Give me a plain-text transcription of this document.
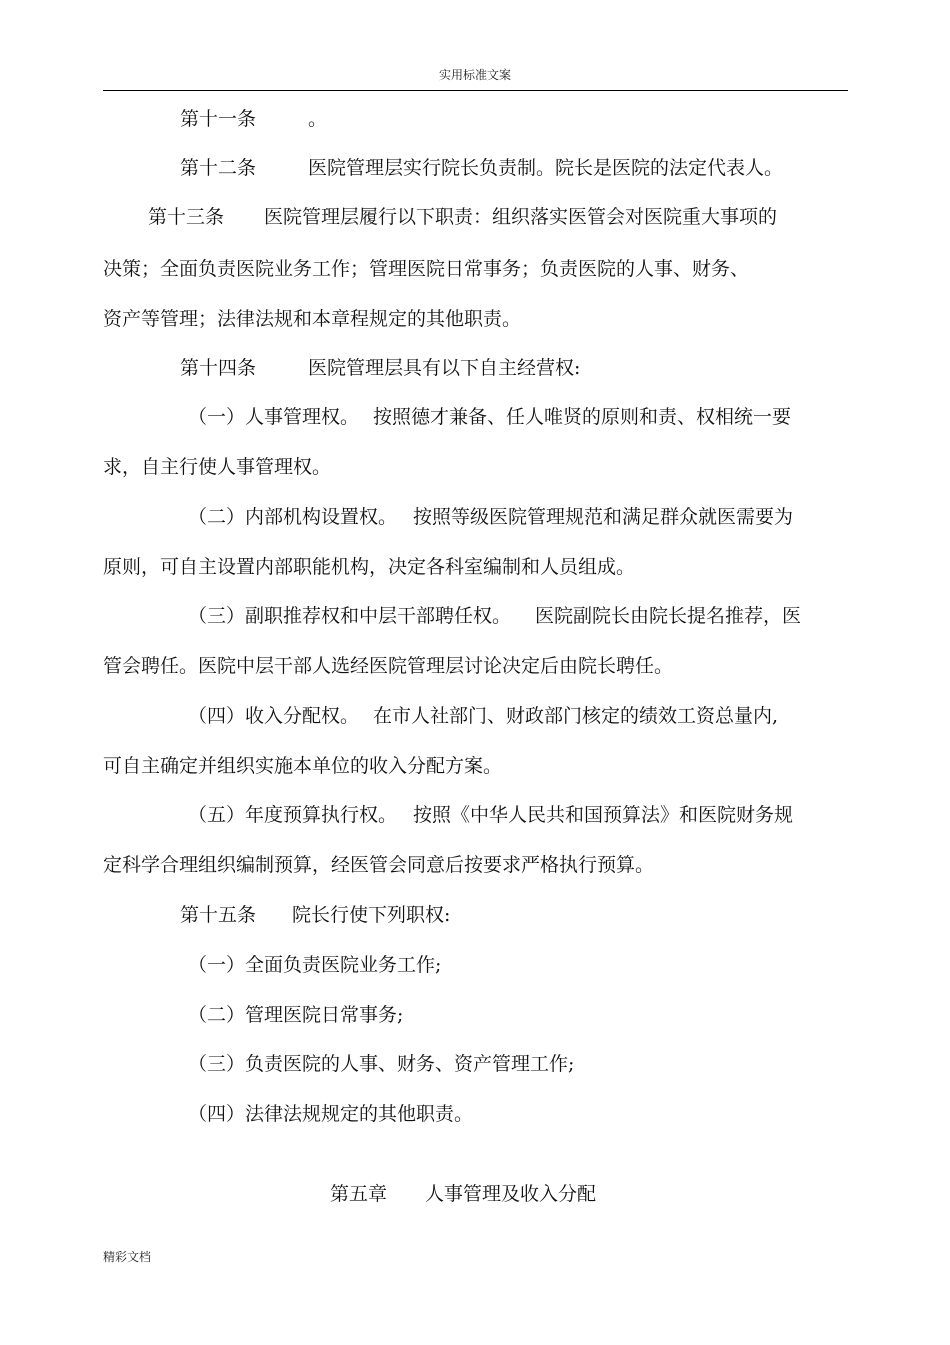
实用标准文案
第十一条	。
第十二条	医院管理层实行院长负责制。院长是医院的法定代表人。
第十三条 医院管理层履行以下职责：组织落实医管会对医院重大事项的
决策；全面负责医院业务工作；管理医院日常事务；负责医院的人事、财务、
资产等管理；法律法规和本章程规定的其他职责。
第十四条	医院管理层具有以下自主经营权:
（一）人事管理权。 按照德才兼备、任人唯贤的原则和责、权相统一要
求，自主行使人事管理权。
（二）内部机构设置权。 按照等级医院管理规范和满足群众就医需要为
原则，可自主设置内部职能机构，决定各科室编制和人员组成。
（三）副职推荐权和中层干部聘任权。 医院副院长由院长提名推荐，医
管会聘任。医院中层干部人选经医院管理层讨论决定后由院长聘任。
（四）收入分配权。 在市人社部门、财政部门核定的绩效工资总量内,
可自主确定并组织实施本单位的收入分配方案。
（五）年度预算执行权。 按照《中华人民共和国预算法》和医院财务规
定科学合理组织编制预算，经医管会同意后按要求严格执行预算。
第十五条 院长行使下列职权:
（一）全面负责医院业务工作;
（二）管理医院日常事务;
（三）负责医院的人事、财务、资产管理工作;
（四）法律法规规定的其他职责。
第五章 人事管理及收入分配
精彩文档
